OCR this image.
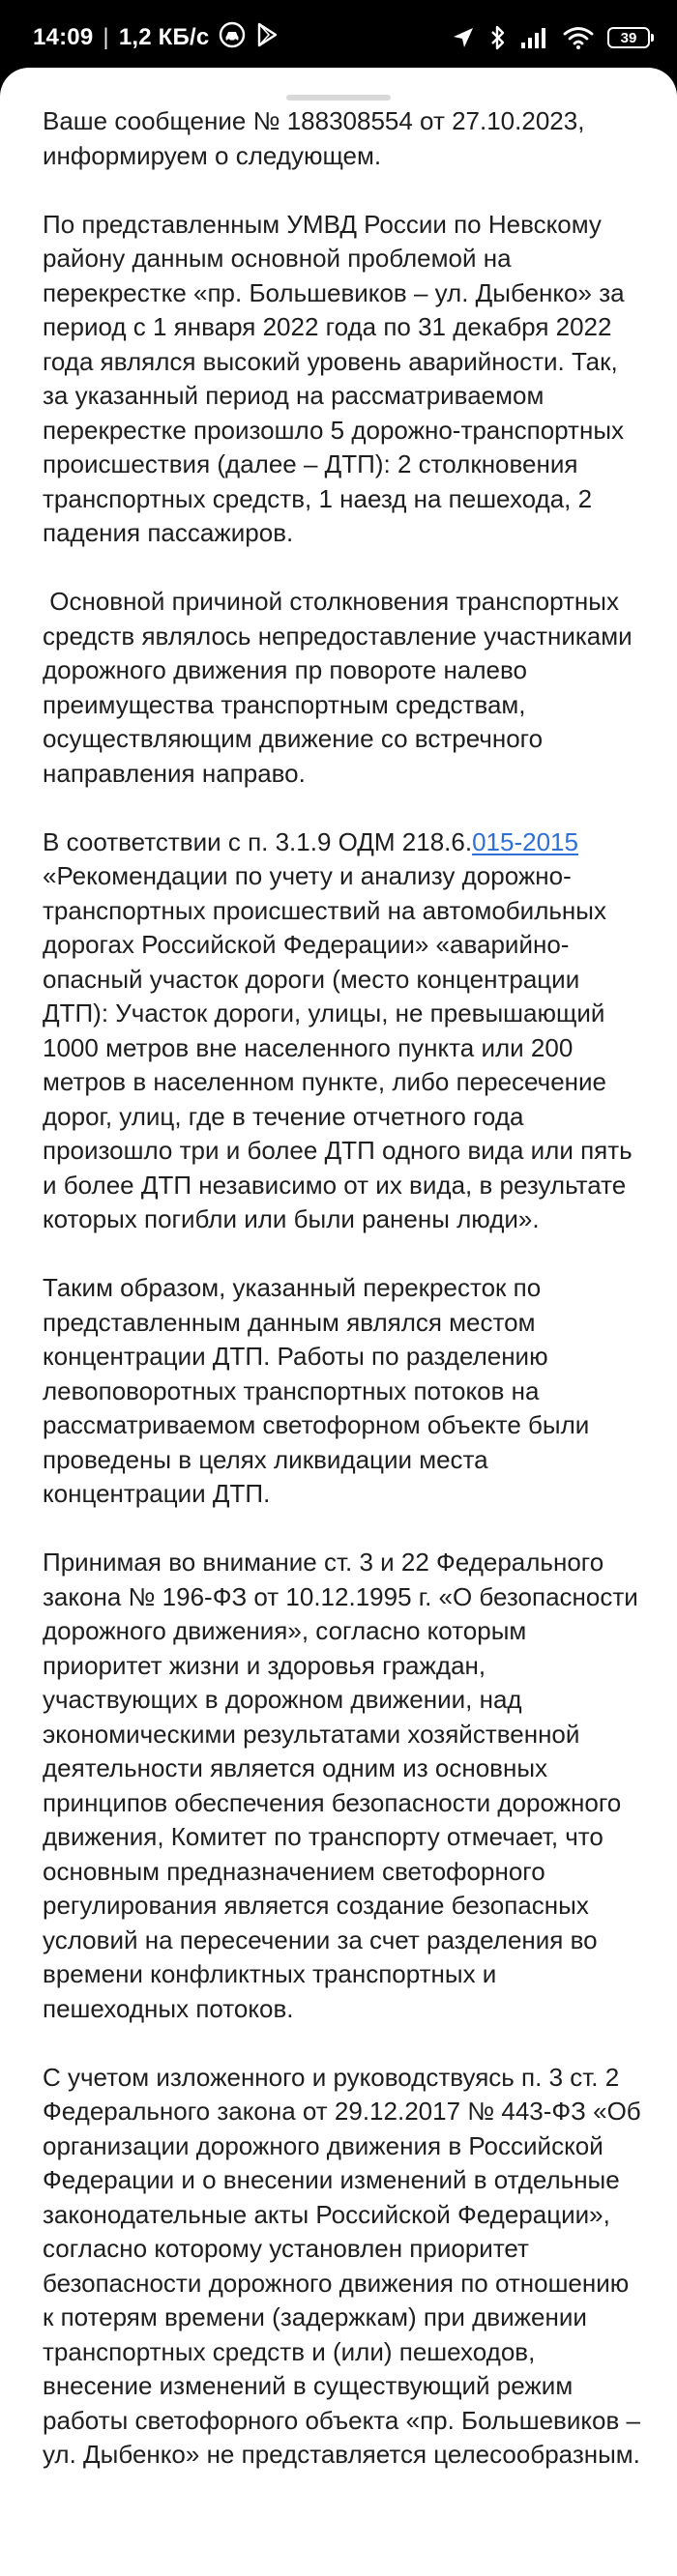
14:09 | 1,2 КБ/с	39

Ваше сообщение № 188308554 от 27.10.2023, информируем о следующем.

По представленным УМВД России по Невскому району данным основной проблемой на перекрестке «пр. Большевиков – ул. Дыбенко» за период с 1 января 2022 года по 31 декабря 2022 года являлся высокий уровень аварийности. Так, за указанный период на рассматриваемом перекрестке произошло 5 дорожно-транспортных происшествия (далее – ДТП): 2 столкновения транспортных средств, 1 наезд на пешехода, 2 падения пассажиров.

Основной причиной столкновения транспортных средств являлось непредоставление участниками дорожного движения пр повороте налево преимущества транспортным средствам, осуществляющим движение со встречного направления направо.

В соответствии с п. 3.1.9 ОДМ 218.6.015-2015 «Рекомендации по учету и анализу дорожно-транспортных происшествий на автомобильных дорогах Российской Федерации» «аварийно-опасный участок дороги (место концентрации ДТП): Участок дороги, улицы, не превышающий 1000 метров вне населенного пункта или 200 метров в населенном пункте, либо пересечение дорог, улиц, где в течение отчетного года произошло три и более ДТП одного вида или пять и более ДТП независимо от их вида, в результате которых погибли или были ранены люди».

Таким образом, указанный перекресток по представленным данным являлся местом концентрации ДТП. Работы по разделению левоповоротных транспортных потоков на рассматриваемом светофорном объекте были проведены в целях ликвидации места концентрации ДТП.

Принимая во внимание ст. 3 и 22 Федерального закона № 196-ФЗ от 10.12.1995 г. «О безопасности дорожного движения», согласно которым приоритет жизни и здоровья граждан, участвующих в дорожном движении, над экономическими результатами хозяйственной деятельности является одним из основных принципов обеспечения безопасности дорожного движения, Комитет по транспорту отмечает, что основным предназначением светофорного регулирования является создание безопасных условий на пересечении за счет разделения во времени конфликтных транспортных и пешеходных потоков.

С учетом изложенного и руководствуясь п. 3 ст. 2 Федерального закона от 29.12.2017 № 443-ФЗ «Об организации дорожного движения в Российской Федерации и о внесении изменений в отдельные законодательные акты Российской Федерации», согласно которому установлен приоритет безопасности дорожного движения по отношению к потерям времени (задержкам) при движении транспортных средств и (или) пешеходов, внесение изменений в существующий режим работы светофорного объекта «пр. Большевиков – ул. Дыбенко» не представляется целесообразным.
